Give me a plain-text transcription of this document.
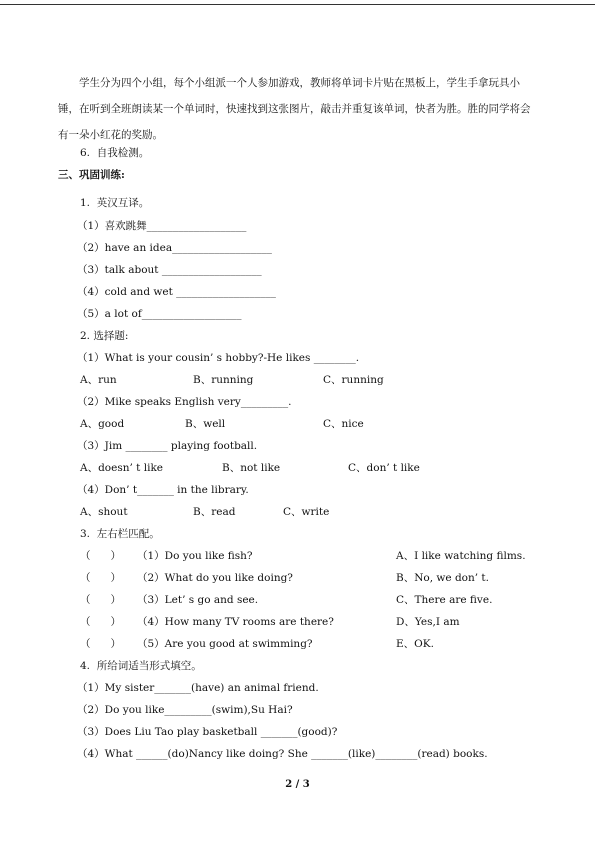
学生分为四个小组，每个小组派一个人参加游戏，教师将单词卡片贴在黑板上，学生手拿玩具小锤，在听到全班朗读某一个单词时，快速找到这张图片，敲击并重复该单词，快者为胜。胜的同学将会有一朵小红花的奖励。
6.  自我检测。
三、巩固训练:
1.  英汉互译。
（1）喜欢跳舞___________________
（2）have an idea___________________
（3）talk about ___________________
（4）cold and wet ___________________
（5）a lot of___________________
2. 选择题:
（1）What is your cousin’ s hobby?-He likes ________.
A、run	B、running	C、running
（2）Mike speaks English very_________.
A、good	B、well	C、nice
（3）Jim ________ playing football.
A、doesn’ t like	B、not like	C、don’ t like
（4）Don’ t_______ in the library.
A、shout	B、read	C、write
3.  左右栏匹配。
（      ） （1）Do you like fish?	A、I like watching films.
（      ） （2）What do you like doing?	B、No, we don’ t.
（      ） （3）Let’ s go and see.	C、There are five.
（      ） （4）How many TV rooms are there?	D、Yes,I am
（      ） （5）Are you good at swimming?	E、OK.
4.  所给词适当形式填空。
（1）My sister_______(have) an animal friend.
（2）Do you like_________(swim),Su Hai?
（3）Does Liu Tao play basketball _______(good)?
（4）What ______(do)Nancy like doing? She _______(like)________(read) books.
2 / 3
